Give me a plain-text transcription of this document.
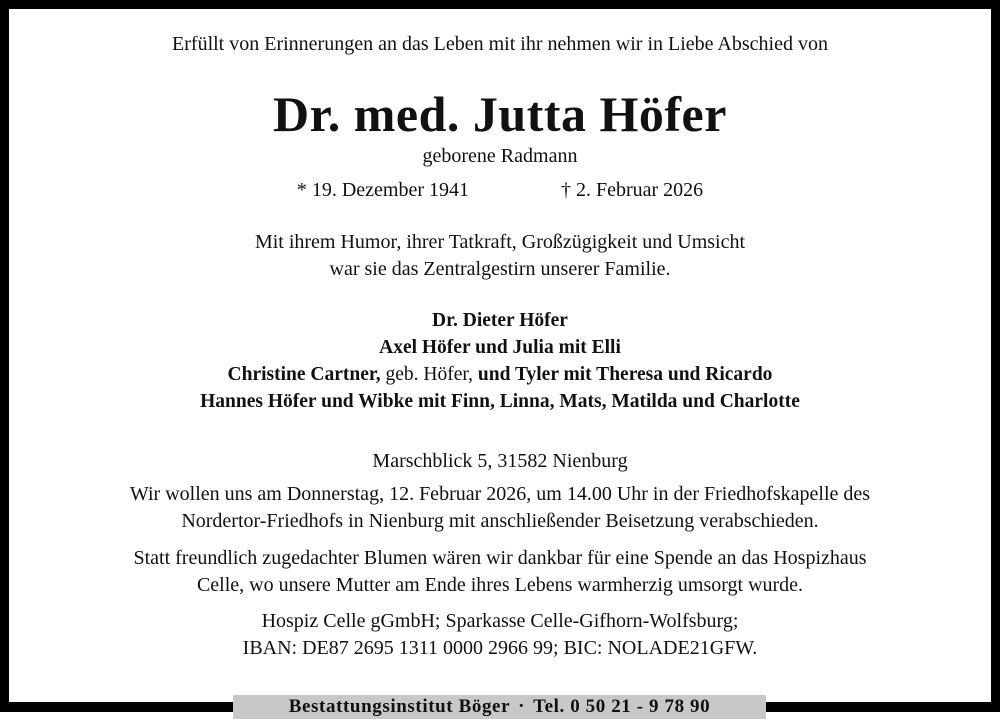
Erfüllt von Erinnerungen an das Leben mit ihr nehmen wir in Liebe Abschied von
Dr. med. Jutta Höfer
geborene Radmann
* 19. Dezember 1941	† 2. Februar 2026
Mit ihrem Humor, ihrer Tatkraft, Großzügigkeit und Umsicht
war sie das Zentralgestirn unserer Familie.
Dr. Dieter Höfer
Axel Höfer und Julia mit Elli
Christine Cartner, geb. Höfer, und Tyler mit Theresa und Ricardo
Hannes Höfer und Wibke mit Finn, Linna, Mats, Matilda und Charlotte
Marschblick 5, 31582 Nienburg
Wir wollen uns am Donnerstag, 12. Februar 2026, um 14.00 Uhr in der Friedhofskapelle des
Nordertor-Friedhofs in Nienburg mit anschließender Beisetzung verabschieden.
Statt freundlich zugedachter Blumen wären wir dankbar für eine Spende an das Hospizhaus
Celle, wo unsere Mutter am Ende ihres Lebens warmherzig umsorgt wurde.
Hospiz Celle gGmbH; Sparkasse Celle-Gifhorn-Wolfsburg;
IBAN: DE87 2695 1311 0000 2966 99; BIC: NOLADE21GFW.
Bestattungsinstitut Böger · Tel. 0 50 21 - 9 78 90
